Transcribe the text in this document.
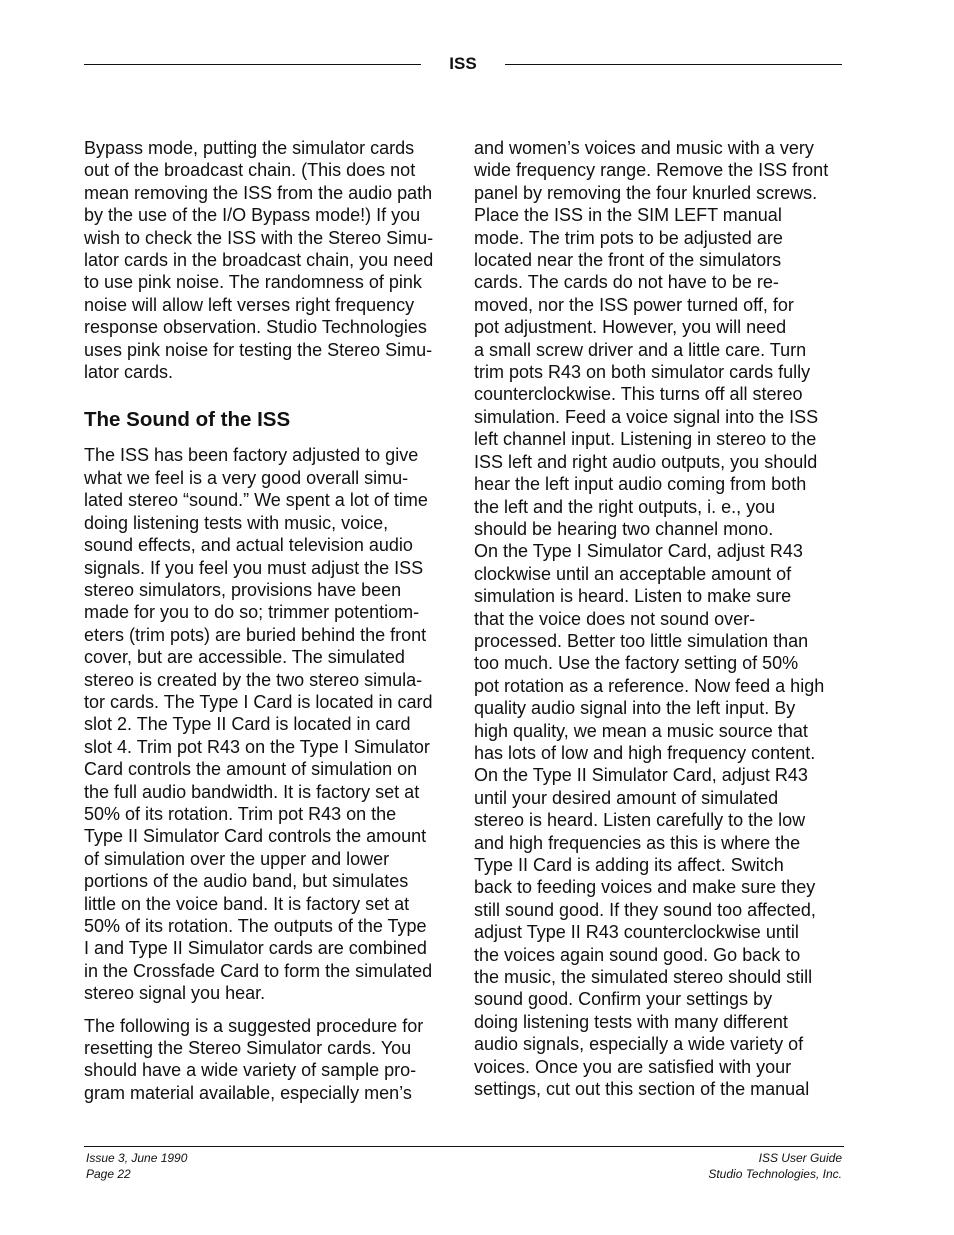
ISS

Bypass mode, putting the simulator cards
out of the broadcast chain. (This does not
mean removing the ISS from the audio path
by the use of the I/O Bypass mode!) If you
wish to check the ISS with the Stereo Simu-
lator cards in the broadcast chain, you need
to use pink noise. The randomness of pink
noise will allow left verses right frequency
response observation. Studio Technologies
uses pink noise for testing the Stereo Simu-
lator cards.

The Sound of the ISS

The ISS has been factory adjusted to give
what we feel is a very good overall simu-
lated stereo “sound.” We spent a lot of time
doing listening tests with music, voice,
sound effects, and actual television audio
signals. If you feel you must adjust the ISS
stereo simulators, provisions have been
made for you to do so; trimmer potentiom-
eters (trim pots) are buried behind the front
cover, but are accessible. The simulated
stereo is created by the two stereo simula-
tor cards. The Type I Card is located in card
slot 2. The Type II Card is located in card
slot 4. Trim pot R43 on the Type I Simulator
Card controls the amount of simulation on
the full audio bandwidth. It is factory set at
50% of its rotation. Trim pot R43 on the
Type II Simulator Card controls the amount
of simulation over the upper and lower
portions of the audio band, but simulates
little on the voice band. It is factory set at
50% of its rotation. The outputs of the Type
I and Type II Simulator cards are combined
in the Crossfade Card to form the simulated
stereo signal you hear.

The following is a suggested procedure for
resetting the Stereo Simulator cards. You
should have a wide variety of sample pro-
gram material available, especially men’s

and women’s voices and music with a very
wide frequency range. Remove the ISS front
panel by removing the four knurled screws.
Place the ISS in the SIM LEFT manual
mode. The trim pots to be adjusted are
located near the front of the simulators
cards. The cards do not have to be re-
moved, nor the ISS power turned off, for
pot adjustment. However, you will need
a small screw driver and a little care. Turn
trim pots R43 on both simulator cards fully
counterclockwise. This turns off all stereo
simulation. Feed a voice signal into the ISS
left channel input. Listening in stereo to the
ISS left and right audio outputs, you should
hear the left input audio coming from both
the left and the right outputs, i. e., you
should be hearing two channel mono.
On the Type I Simulator Card, adjust R43
clockwise until an acceptable amount of
simulation is heard. Listen to make sure
that the voice does not sound over-
processed. Better too little simulation than
too much. Use the factory setting of 50%
pot rotation as a reference. Now feed a high
quality audio signal into the left input. By
high quality, we mean a music source that
has lots of low and high frequency content.
On the Type II Simulator Card, adjust R43
until your desired amount of simulated
stereo is heard. Listen carefully to the low
and high frequencies as this is where the
Type II Card is adding its affect. Switch
back to feeding voices and make sure they
still sound good. If they sound too affected,
adjust Type II R43 counterclockwise until
the voices again sound good. Go back to
the music, the simulated stereo should still
sound good. Confirm your settings by
doing listening tests with many different
audio signals, especially a wide variety of
voices. Once you are satisfied with your
settings, cut out this section of the manual

Issue 3, June 1990
Page 22
ISS User Guide
Studio Technologies, Inc.
